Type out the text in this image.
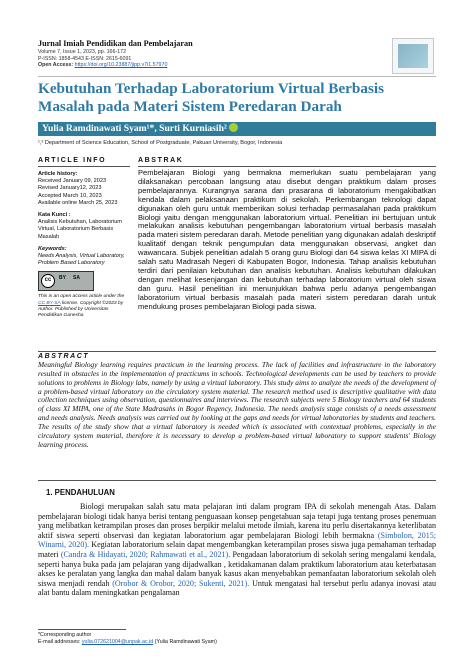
Jurnal Imiah Pendidikan dan Pembelajaran
Volume 7, Issue 1, 2023, pp. 166-172
P-ISSN: 1858-4543 E-ISSN: 2615-6091
Open Access: https://doi.org/10.23887/jipp.v7i1.57970
Kebutuhan Terhadap Laboratorium Virtual Berbasis Masalah pada Materi Sistem Peredaran Darah
Yulia Ramdinawati Syam¹*, Surti Kurniasih²
¹,² Department of Science Education, School of Postgraduate, Pakuan University, Bogor, Indonesia
ARTICLE INFO
Article history:
Received January 09, 2023
Revised January12, 2023
Accepted March 10, 2023
Available online March 25, 2023
Kata Kunci :
Analisis Kebutuhan, Laboratorium Virtual, Laboratorium Berbasis Masalah
Keywords:
Needs Analysis, Virtual Laboratory, Problem Based Laboratory
cc	BY SA
This is an open access article under the CC BY-SA license. Copyright ©2023 by Author. Published by Universitas Pendidikan Ganesha
ABSTRAK
Pembelajaran Biologi yang bermakna memerlukan suatu pembelajaran yang dilaksanakan percobaan langsung atau disebut dengan praktikum dalam proses pembelajarannya. Kurangnya sarana dan prasarana di laboratorium mengakibatkan kendala dalam pelaksanaan praktikum di sekolah. Perkembangan teknologi dapat digunakan oleh guru untuk memberikan solusi terhadap permasalahan pada praktikum Biologi yaitu dengan menggunakan laboratorium virtual. Penelitian ini bertujuan untuk melakukan analisis kebutuhan pengembangan laboratorium virtual berbasis masalah pada materi sistem peredaran darah. Metode penelitian yang digunakan adalah deskriptif kualitatif dengan teknik pengumpulan data menggunakan observasi, angket dan wawancara. Subjek penelitian adalah 5 orang guru Biologi dan 64 siswa kelas XI MIPA di salah satu Madrasah Negeri di Kabupaten Bogor, Indonesia. Tahap analisis kebutuhan terdiri dari penilaian kebutuhan dan analisis kebutuhan. Analisis kebutuhan dilakukan dengan melihat kesenjangan dan kebutuhan terhadap laboratorium virtual oleh siswa dan guru. Hasil penelitian ini menunjukkan bahwa perlu adanya pengembangan laboratorium virtual berbasis masalah pada materi sistem peredaran darah untuk mendukung proses pembelajaran Biologi pada siswa.
ABSTRACT
Meaningful Biology learning requires practicum in the learning process. The lack of facilities and infrastructure in the laboratory resulted in obstacles in the implementation of practicums in schools. Technological developments can be used by teachers to provide solutions to problems in Biology labs, namely by using a virtual laboratory. This study aims to analyze the needs of the development of a problem-based virtual laboratory on the circulatory system material. The research method used is descriptive qualitative with data collection techniques using observation, questionnaires and interviews. The research subjects were 5 Biology teachers and 64 students of class XI MIPA, one of the State Madrasahs in Bogor Regency, Indonesia. The needs analysis stage consists of a needs assessment and needs analysis. Needs analysis was carried out by looking at the gaps and needs for virtual laboratories by students and teachers. The results of the study show that a virtual laboratory is needed which is associated with contextual problems, especially in the circulatory system material, therefore it is necessary to develop a problem-based virtual laboratory to support students' Biology learning process.
1. PENDAHULUAN
Biologi merupakan salah satu mata pelajaran inti dalam program IPA di sekolah menengah Atas. Dalam pembelajaran biologi tidak hanya berisi tentang penguasaan konsep pengetahuan saja tetapi juga tentang proses penemuan yang melibatkan ketrampilan proses dan proses berpikir melalui metode ilmiah, karena itu perlu disertakannya keterlibatan aktif siswa seperti observasi dan kegiatan laboratorium agar pembelajaran Biologi lebih bermakna (Simbolon, 2015; Winarni, 2020). Kegiatan laboratorium selain dapat mengembangkan keterampilan proses siswa juga pemahaman terhadap materi (Candra & Hidayati, 2020; Rahmawati et al., 2021). Pengadaan laboratorium di sekolah sering mengalami kendala, seperti hanya buka pada jam pelajaran yang dijadwalkan , ketidakamanan dalam praktikum laboratorium atau keterbatasan akses ke peralatan yang langka dan mahal dalam banyak kasus akan menyebabkan pemanfaatan laboratorium sekolah oleh siswa menjadi rendah (Orobor & Orobor, 2020; Sukenti, 2021). Untuk mengatasi hal tersebut perlu adanya inovasi atau alat bantu dalam meningkatkan pengalaman
*Corresponding author
E-mail addresses: yulia.072621004@unpak.ac.id (Yulia Ramdinawati Syam)
